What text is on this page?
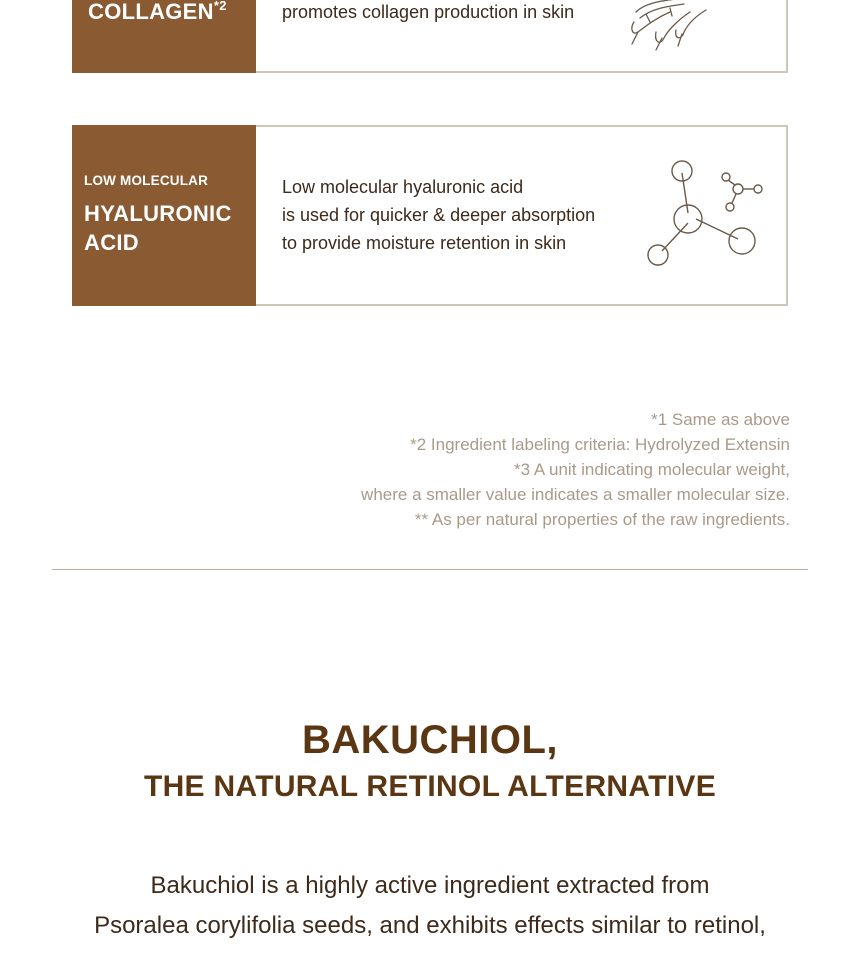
COLLAGEN$^{*2}$	promotes collagen production in skin
LOW MOLECULAR
HYALURONIC
ACID
Low molecular hyaluronic acid
is used for quicker & deeper absorption
to provide moisture retention in skin
*1 Same as above
*2 Ingredient labeling criteria: Hydrolyzed Extensin
*3 A unit indicating molecular weight,
where a smaller value indicates a smaller molecular size.
** As per natural properties of the raw ingredients.
BAKUCHIOL,
THE NATURAL RETINOL ALTERNATIVE
Bakuchiol is a highly active ingredient extracted from
Psoralea corylifolia seeds, and exhibits effects similar to retinol,
